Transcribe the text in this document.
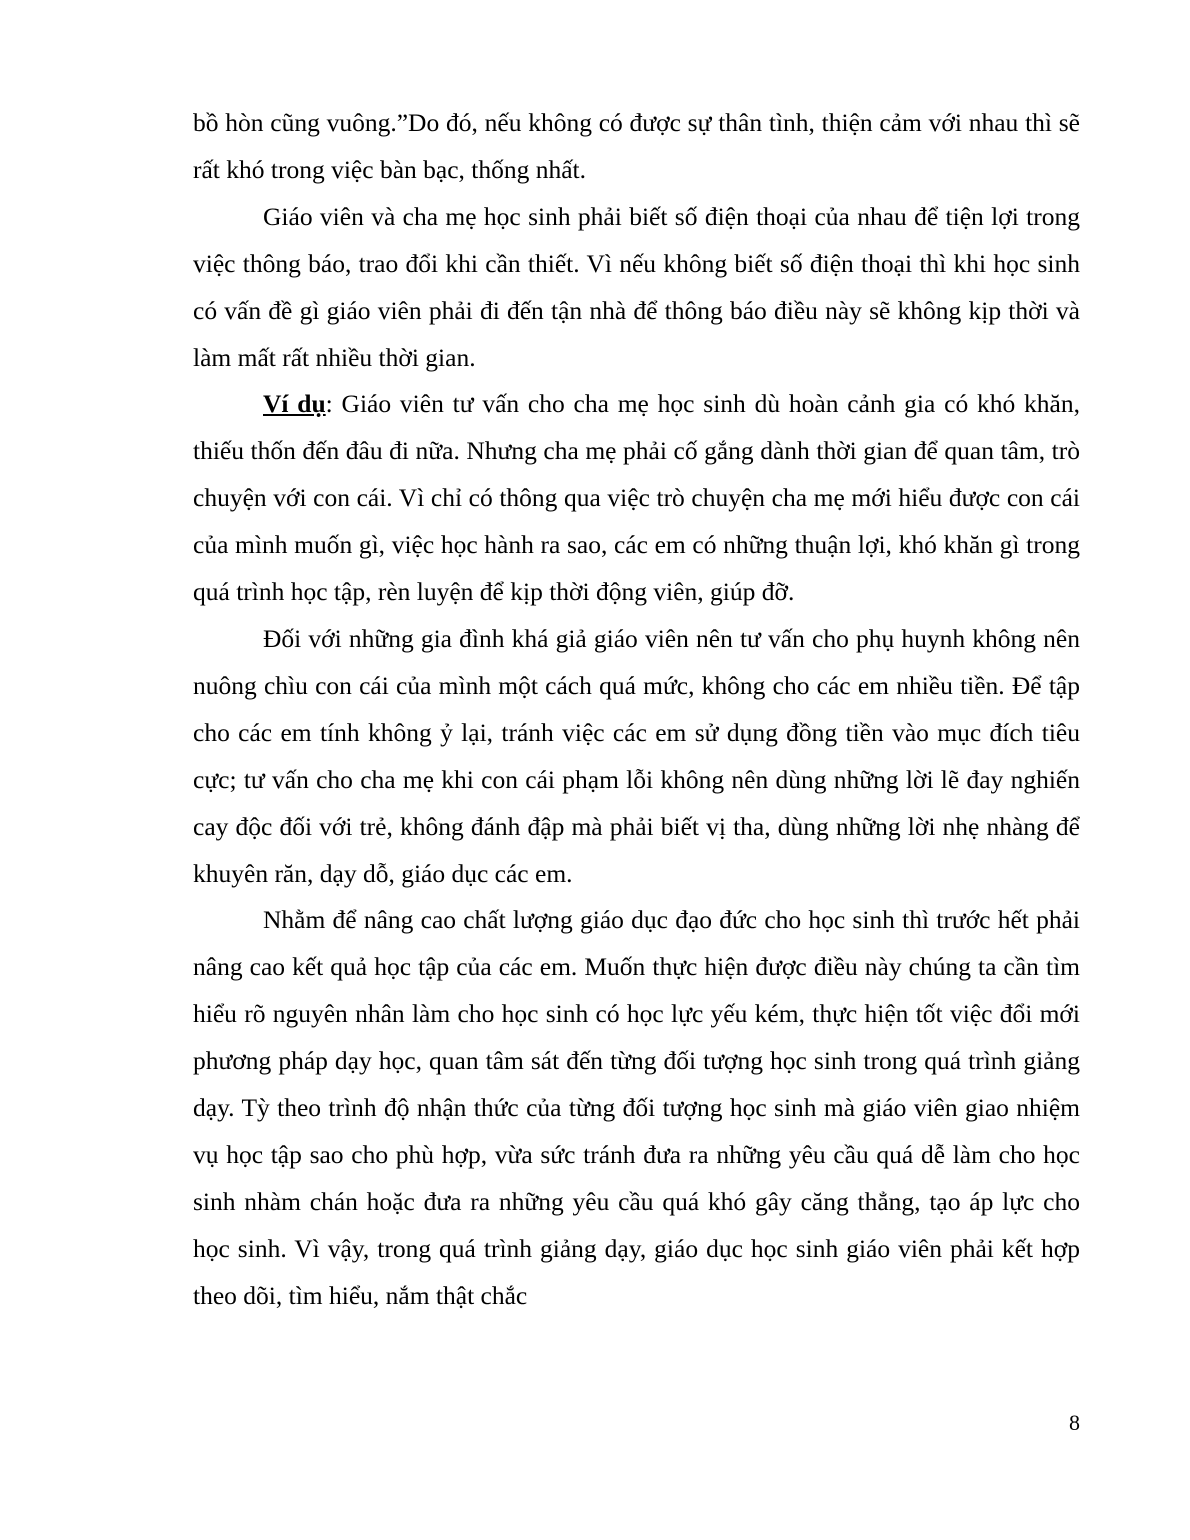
bồ hòn cũng vuông.”Do đó, nếu không có được sự thân tình, thiện cảm với nhau thì sẽ rất khó trong việc bàn bạc, thống nhất.

Giáo viên và cha mẹ học sinh phải biết số điện thoại của nhau để tiện lợi trong việc thông báo, trao đổi khi cần thiết. Vì nếu không biết số điện thoại thì khi học sinh có vấn đề gì giáo viên phải đi đến tận nhà để thông báo điều này sẽ không kịp thời và làm mất rất nhiều thời gian.

Ví dụ: Giáo viên tư vấn cho cha mẹ học sinh dù hoàn cảnh gia có khó khăn, thiếu thốn đến đâu đi nữa. Nhưng cha mẹ phải cố gắng dành thời gian để quan tâm, trò chuyện với con cái. Vì chỉ có thông qua việc trò chuyện cha mẹ mới hiểu được con cái của mình muốn gì, việc học hành ra sao, các em có những thuận lợi, khó khăn gì trong quá trình học tập, rèn luyện để kịp thời động viên, giúp đỡ.

Đối với những gia đình khá giả giáo viên nên tư vấn cho phụ huynh không nên nuông chìu con cái của mình một cách quá mức, không cho các em nhiều tiền. Để tập cho các em tính không ỷ lại, tránh việc các em sử dụng đồng tiền vào mục đích tiêu cực; tư vấn cho cha mẹ khi con cái phạm lỗi không nên dùng những lời lẽ đay nghiến cay độc đối với trẻ, không đánh đập mà phải biết vị tha, dùng những lời nhẹ nhàng để khuyên răn, dạy dỗ, giáo dục các em.

Nhằm để nâng cao chất lượng giáo dục đạo đức cho học sinh thì trước hết phải nâng cao kết quả học tập của các em. Muốn thực hiện được điều này chúng ta cần tìm hiểu rõ nguyên nhân làm cho học sinh có học lực yếu kém, thực hiện tốt việc đổi mới phương pháp dạy học, quan tâm sát đến từng đối tượng học sinh trong quá trình giảng dạy. Tỳ theo trình độ nhận thức của từng đối tượng học sinh mà giáo viên giao nhiệm vụ học tập sao cho phù hợp, vừa sức tránh đưa ra những yêu cầu quá dễ làm cho học sinh nhàm chán hoặc đưa ra những yêu cầu quá khó gây căng thẳng, tạo áp lực cho học sinh. Vì vậy, trong quá trình giảng dạy, giáo dục học sinh giáo viên phải kết hợp theo dõi, tìm hiểu, nắm thật chắc

8
